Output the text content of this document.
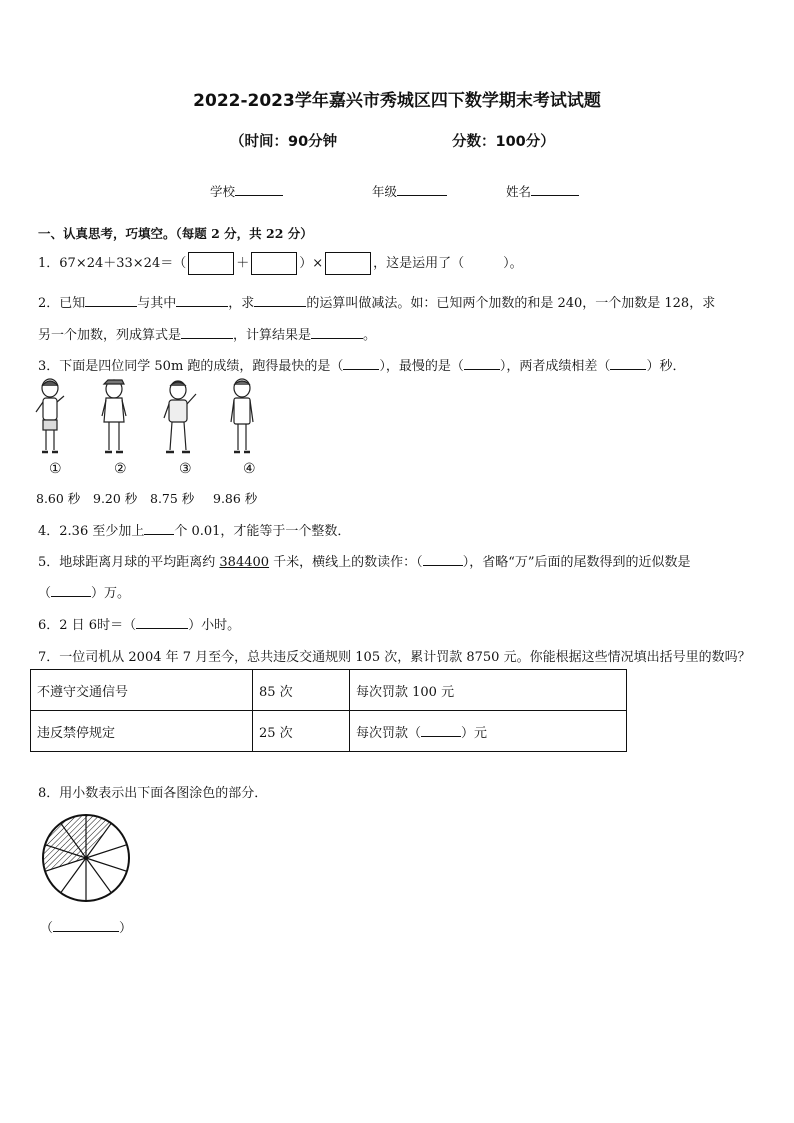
2022-2023学年嘉兴市秀城区四下数学期末考试试题
（时间：90分钟	分数：100分）
学校	年级	姓名
一、认真思考，巧填空。（每题 2 分，共 22 分）
1．67×24＋33×24＝（	＋	）×	，这是运用了（　　　）。
2．已知	与其中	，求	的运算叫做减法。如：已知两个加数的和是 240，一个加数是 128，求
另一个加数，列成算式是	，计算结果是	。
3．下面是四位同学 50m 跑的成绩，跑得最快的是（	），最慢的是（	），两者成绩相差（	）秒．
①	②	③	④
8.60 秒 9.20 秒 8.75 秒 9.86 秒
4．2.36 至少加上 个 0.01，才能等于一个整数．
5．地球距离月球的平均距离约 384400 千米，横线上的数读作：（	），省略“万”后面的尾数得到的近似数是
（	）万。
6．2 日 6时＝（	）小时。
7．一位司机从 2004 年 7 月至今，总共违反交通规则 105 次，累计罚款 8750 元。你能根据这些情况填出括号里的数吗？
不遵守交通信号	85 次	每次罚款 100 元
违反禁停规定	25 次	每次罚款（ ）元
8．用小数表示出下面各图涂色的部分．
（	）
